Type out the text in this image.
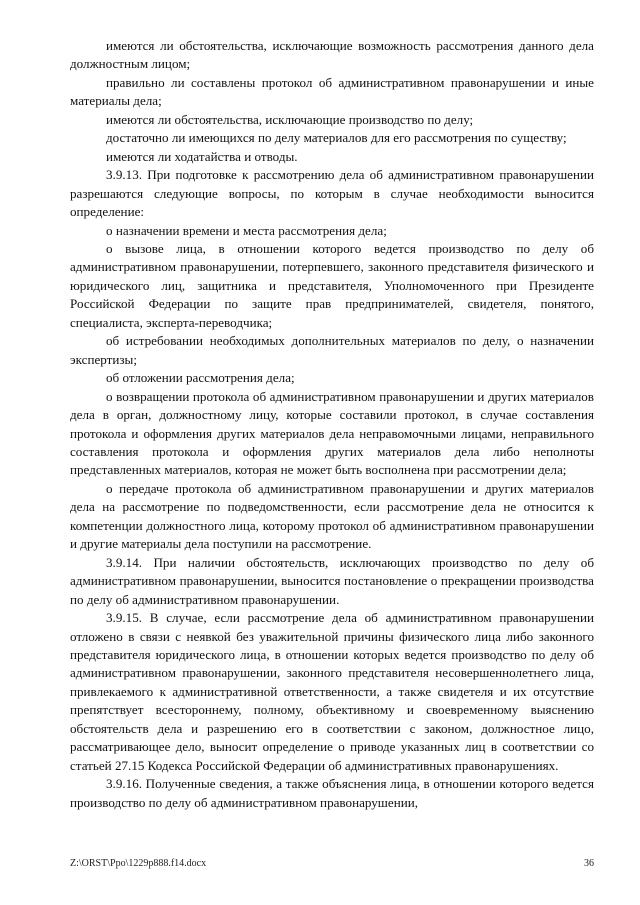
имеются ли обстоятельства, исключающие возможность рассмотрения данного дела должностным лицом;

правильно ли составлены протокол об административном правонарушении и иные материалы дела;

имеются ли обстоятельства, исключающие производство по делу;

достаточно ли имеющихся по делу материалов для его рассмотрения по существу;

имеются ли ходатайства и отводы.

3.9.13. При подготовке к рассмотрению дела об административном правонарушении разрешаются следующие вопросы, по которым в случае необходимости выносится определение:

о назначении времени и места рассмотрения дела;

о вызове лица, в отношении которого ведется производство по делу об административном правонарушении, потерпевшего, законного представителя физического и юридического лиц, защитника и представителя, Уполномоченного при Президенте Российской Федерации по защите прав предпринимателей, свидетеля, понятого, специалиста, эксперта-переводчика;

об истребовании необходимых дополнительных материалов по делу, о назначении экспертизы;

об отложении рассмотрения дела;

о возвращении протокола об административном правонарушении и других материалов дела в орган, должностному лицу, которые составили протокол, в случае составления протокола и оформления других материалов дела неправомочными лицами, неправильного составления протокола и оформления других материалов дела либо неполноты представленных материалов, которая не может быть восполнена при рассмотрении дела;

о передаче протокола об административном правонарушении и других материалов дела на рассмотрение по подведомственности, если рассмотрение дела не относится к компетенции должностного лица, которому протокол об административном правонарушении и другие материалы дела поступили на рассмотрение.

3.9.14. При наличии обстоятельств, исключающих производство по делу об административном правонарушении, выносится постановление о прекращении производства по делу об административном правонарушении.

3.9.15. В случае, если рассмотрение дела об административном правонарушении отложено в связи с неявкой без уважительной причины физического лица либо законного представителя юридического лица, в отношении которых ведется производство по делу об административном правонарушении, законного представителя несовершеннолетнего лица, привлекаемого к административной ответственности, а также свидетеля и их отсутствие препятствует всестороннему, полному, объективному и своевременному выяснению обстоятельств дела и разрешению его в соответствии с законом, должностное лицо, рассматривающее дело, выносит определение о приводе указанных лиц в соответствии со статьей 27.15 Кодекса Российской Федерации об административных правонарушениях.

3.9.16. Полученные сведения, а также объяснения лица, в отношении которого ведется производство по делу об административном правонарушении,

Z:\ORST\Ppo\1229p888.f14.docx	36
